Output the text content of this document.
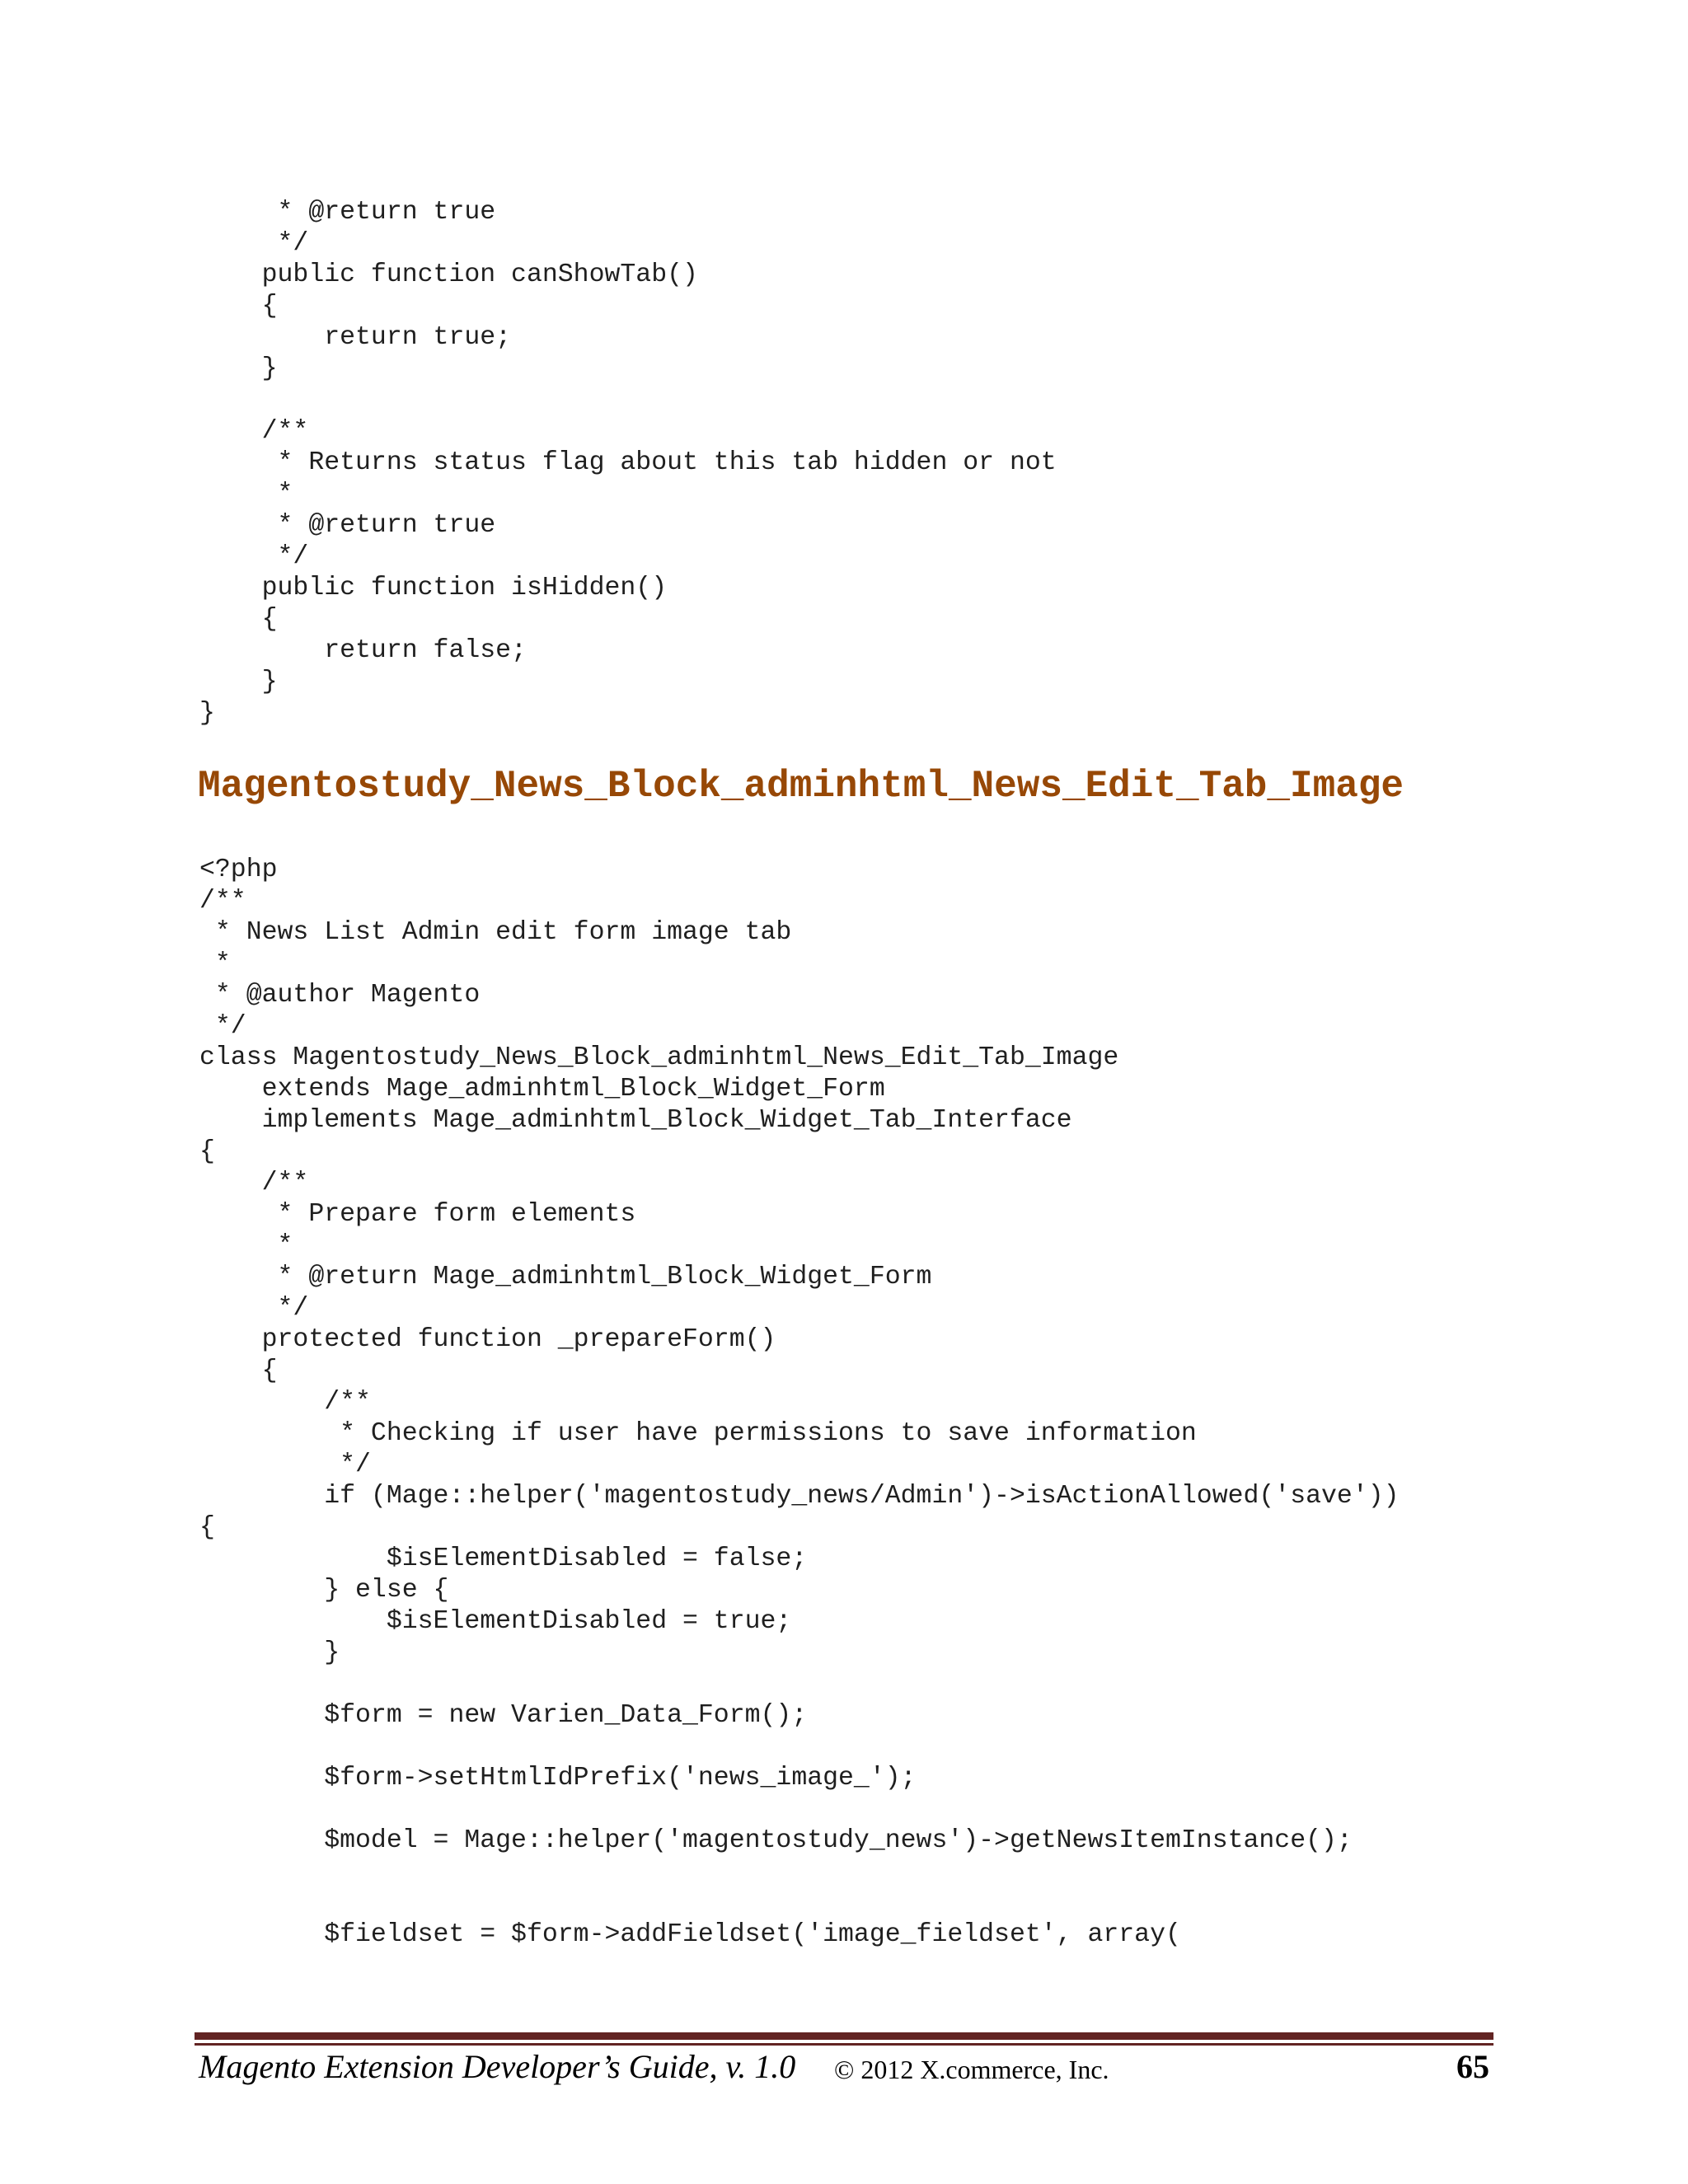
* @return true
*/
public function canShowTab()
{
return true;
}

/**
* Returns status flag about this tab hidden or not
*
* @return true
*/
public function isHidden()
{
return false;
}
}
Magentostudy_News_Block_adminhtml_News_Edit_Tab_Image
<?php
/**
* News List Admin edit form image tab
*
* @author Magento
*/
class Magentostudy_News_Block_adminhtml_News_Edit_Tab_Image
extends Mage_adminhtml_Block_Widget_Form
implements Mage_adminhtml_Block_Widget_Tab_Interface
{
/**
* Prepare form elements
*
* @return Mage_adminhtml_Block_Widget_Form
*/
protected function _prepareForm()
{
/**
* Checking if user have permissions to save information
*/
if (Mage::helper('magentostudy_news/Admin')->isActionAllowed('save'))
{
$isElementDisabled = false;
} else {
$isElementDisabled = true;
}

$form = new Varien_Data_Form();

$form->setHtmlIdPrefix('news_image_');

$model = Mage::helper('magentostudy_news')->getNewsItemInstance();

$fieldset = $form->addFieldset('image_fieldset', array(
Magento Extension Developer’s Guide, v. 1.0 © 2012 X.commerce, Inc.	65
